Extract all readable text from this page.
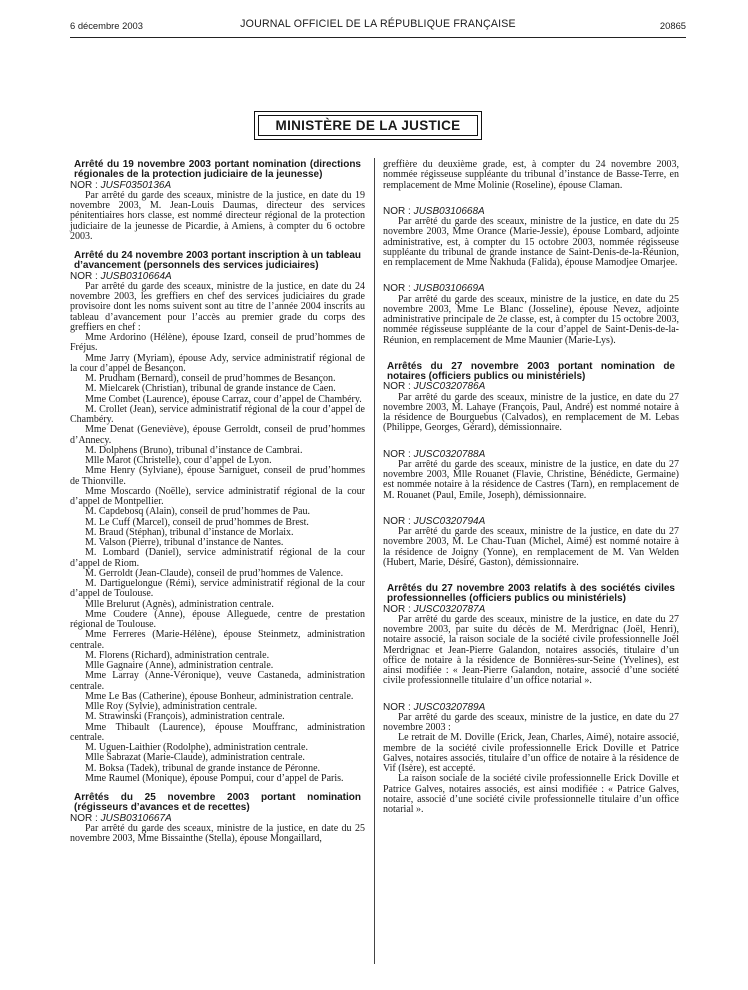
6 décembre 2003	JOURNAL OFFICIEL DE LA RÉPUBLIQUE FRANÇAISE	20865
MINISTÈRE DE LA JUSTICE

Arrêté du 19 novembre 2003 portant nomination (directions régionales de la protection judiciaire de la jeunesse)

NOR : JUSF0350136A

Par arrêté du garde des sceaux, ministre de la justice, en date du 19 novembre 2003, M. Jean-Louis Daumas, directeur des services pénitentiaires hors classe, est nommé directeur régional de la protection judiciaire de la jeunesse de Picardie, à Amiens, à compter du 6 octobre 2003.

Arrêté du 24 novembre 2003 portant inscription à un tableau d’avancement (personnels des services judiciaires)

NOR : JUSB0310664A

Par arrêté du garde des sceaux, ministre de la justice, en date du 24 novembre 2003, les greffiers en chef des services judiciaires du grade provisoire dont les noms suivent sont au titre de l’année 2004 inscrits au tableau d’avancement pour l’accès au premier grade du corps des greffiers en chef :

Mme Ardorino (Hélène), épouse Izard, conseil de prud’hommes de Fréjus.

Mme Jarry (Myriam), épouse Ady, service administratif régional de la cour d’appel de Besançon.

M. Prudham (Bernard), conseil de prud’hommes de Besançon.

M. Mielcarek (Christian), tribunal de grande instance de Caen.

Mme Combet (Laurence), épouse Carraz, cour d’appel de Chambéry.

M. Crollet (Jean), service administratif régional de la cour d’appel de Chambéry.

Mme Denat (Geneviève), épouse Gerroldt, conseil de prud’hommes d’Annecy.

M. Dolphens (Bruno), tribunal d’instance de Cambrai.

Mlle Marot (Christelle), cour d’appel de Lyon.

Mme Henry (Sylviane), épouse Sarniguet, conseil de prud’hommes de Thionville.

Mme Moscardo (Noëlle), service administratif régional de la cour d’appel de Montpellier.

M. Capdebosq (Alain), conseil de prud’hommes de Pau.

M. Le Cuff (Marcel), conseil de prud’hommes de Brest.

M. Braud (Stéphan), tribunal d’instance de Morlaix.

M. Valson (Pierre), tribunal d’instance de Nantes.

M. Lombard (Daniel), service administratif régional de la cour d’appel de Riom.

M. Gerroldt (Jean-Claude), conseil de prud’hommes de Valence.

M. Dartiguelongue (Rémi), service administratif régional de la cour d’appel de Toulouse.

Mlle Brelurut (Agnès), administration centrale.

Mme Coudere (Anne), épouse Alleguede, centre de prestation régional de Toulouse.

Mme Ferreres (Marie-Hélène), épouse Steinmetz, administration centrale.

M. Florens (Richard), administration centrale.

Mlle Gagnaire (Anne), administration centrale.

Mme Larray (Anne-Véronique), veuve Castaneda, administration centrale.

Mme Le Bas (Catherine), épouse Bonheur, administration centrale.

Mlle Roy (Sylvie), administration centrale.

M. Strawinski (François), administration centrale.

Mme Thibault (Laurence), épouse Mouffranc, administration centrale.

M. Uguen-Laithier (Rodolphe), administration centrale.

Mlle Sabrazat (Marie-Claude), administration centrale.

M. Boksa (Tadek), tribunal de grande instance de Péronne.

Mme Raumel (Monique), épouse Pompui, cour d’appel de Paris.

Arrêtés du 25 novembre 2003 portant nomination (régisseurs d’avances et de recettes)

NOR : JUSB0310667A

Par arrêté du garde des sceaux, ministre de la justice, en date du 25 novembre 2003, Mme Bissainthe (Stella), épouse Mongaillard,

greffière du deuxième grade, est, à compter du 24 novembre 2003, nommée régisseuse suppléante du tribunal d’instance de Basse-Terre, en remplacement de Mme Molinie (Roseline), épouse Claman.

NOR : JUSB0310668A

Par arrêté du garde des sceaux, ministre de la justice, en date du 25 novembre 2003, Mme Orance (Marie-Jessie), épouse Lombard, adjointe administrative, est, à compter du 15 octobre 2003, nommée régisseuse suppléante du tribunal de grande instance de Saint-Denis-de-la-Réunion, en remplacement de Mme Nakhuda (Falida), épouse Mamodjee Omarjee.

NOR : JUSB0310669A

Par arrêté du garde des sceaux, ministre de la justice, en date du 25 novembre 2003, Mme Le Blanc (Josseline), épouse Nevez, adjointe administrative principale de 2e classe, est, à compter du 15 octobre 2003, nommée régisseuse suppléante de la cour d’appel de Saint-Denis-de-la-Réunion, en remplacement de Mme Maunier (Marie-Lys).

Arrêtés du 27 novembre 2003 portant nomination de notaires (officiers publics ou ministériels)

NOR : JUSC0320786A

Par arrêté du garde des sceaux, ministre de la justice, en date du 27 novembre 2003, M. Lahaye (François, Paul, André) est nommé notaire à la résidence de Bourguebus (Calvados), en remplacement de M. Lebas (Philippe, Georges, Gérard), démissionnaire.

NOR : JUSC0320788A

Par arrêté du garde des sceaux, ministre de la justice, en date du 27 novembre 2003, Mlle Rouanet (Flavie, Christine, Bénédicte, Germaine) est nommée notaire à la résidence de Castres (Tarn), en remplacement de M. Rouanet (Paul, Emile, Joseph), démissionnaire.

NOR : JUSC0320794A

Par arrêté du garde des sceaux, ministre de la justice, en date du 27 novembre 2003, M. Le Chau-Tuan (Michel, Aimé) est nommé notaire à la résidence de Joigny (Yonne), en remplacement de M. Van Welden (Hubert, Marie, Désiré, Gaston), démissionnaire.

Arrêtés du 27 novembre 2003 relatifs à des sociétés civiles professionnelles (officiers publics ou ministériels)

NOR : JUSC0320787A

Par arrêté du garde des sceaux, ministre de la justice, en date du 27 novembre 2003, par suite du décès de M. Merdrignac (Joël, Henri), notaire associé, la raison sociale de la société civile professionnelle Joël Merdrignac et Jean-Pierre Galandon, notaires associés, titulaire d’un office de notaire à la résidence de Bonnières-sur-Seine (Yvelines), est ainsi modifiée : « Jean-Pierre Galandon, notaire, associé d’une société civile professionnelle titulaire d’un office notarial ».

NOR : JUSC0320789A

Par arrêté du garde des sceaux, ministre de la justice, en date du 27 novembre 2003 :

Le retrait de M. Doville (Erick, Jean, Charles, Aimé), notaire associé, membre de la société civile professionnelle Erick Doville et Patrice Galves, notaires associés, titulaire d’un office de notaire à la résidence de Vif (Isère), est accepté.

La raison sociale de la société civile professionnelle Erick Doville et Patrice Galves, notaires associés, est ainsi modifiée : « Patrice Galves, notaire, associé d’une société civile professionnelle titulaire d’un office notarial ».
